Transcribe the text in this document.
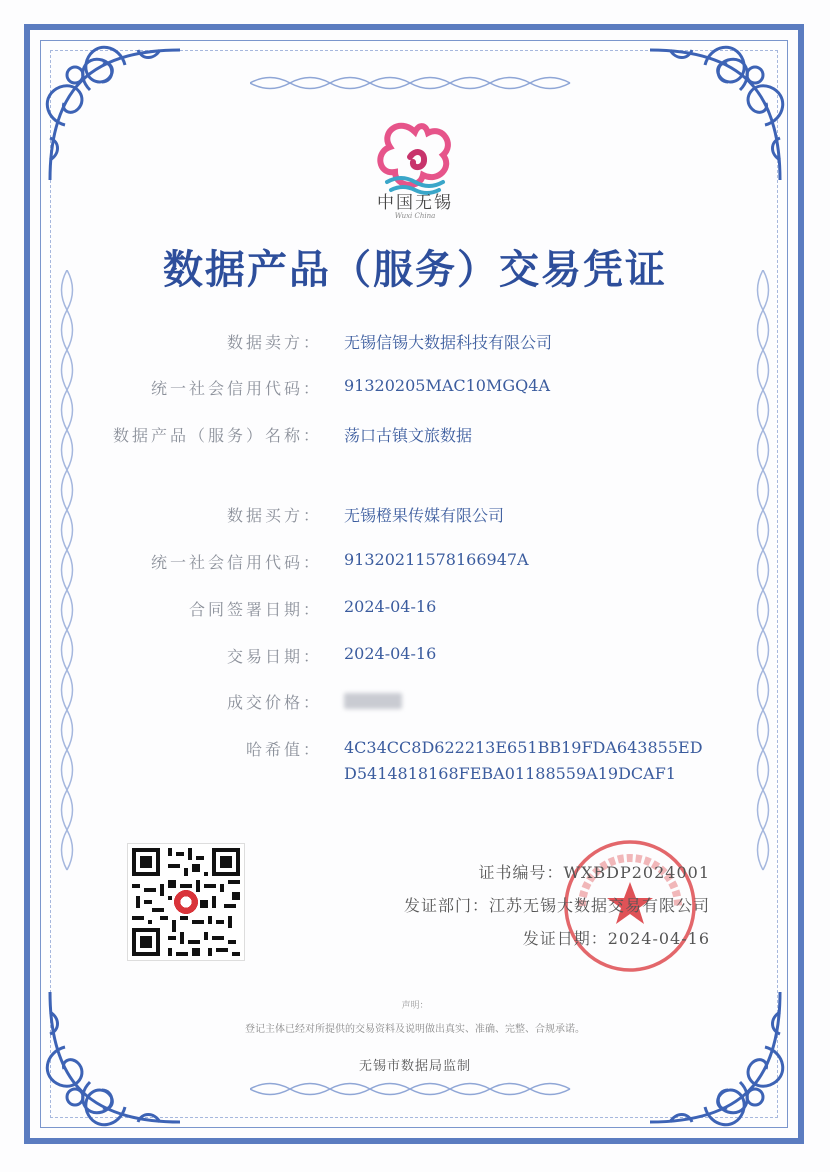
中国无锡
Wuxi China
数据产品（服务）交易凭证
数据卖方： 无锡信锡大数据科技有限公司
统一社会信用代码： 91320205MAC10MGQ4A
数据产品（服务）名称： 荡口古镇文旅数据
数据买方： 无锡橙果传媒有限公司
统一社会信用代码： 91320211578166947A
合同签署日期： 2024-04-16
交易日期： 2024-04-16
成交价格：
哈希值： 4C34CC8D622213E651BB19FDA643855ED
D5414818168FEBA01188559A19DCAF1
证书编号：WXBDP2024001
发证部门：江苏无锡大数据交易有限公司
发证日期：2024-04-16
声明：
登记主体已经对所提供的交易资料及说明做出真实、准确、完整、合规承诺。
无锡市数据局监制
